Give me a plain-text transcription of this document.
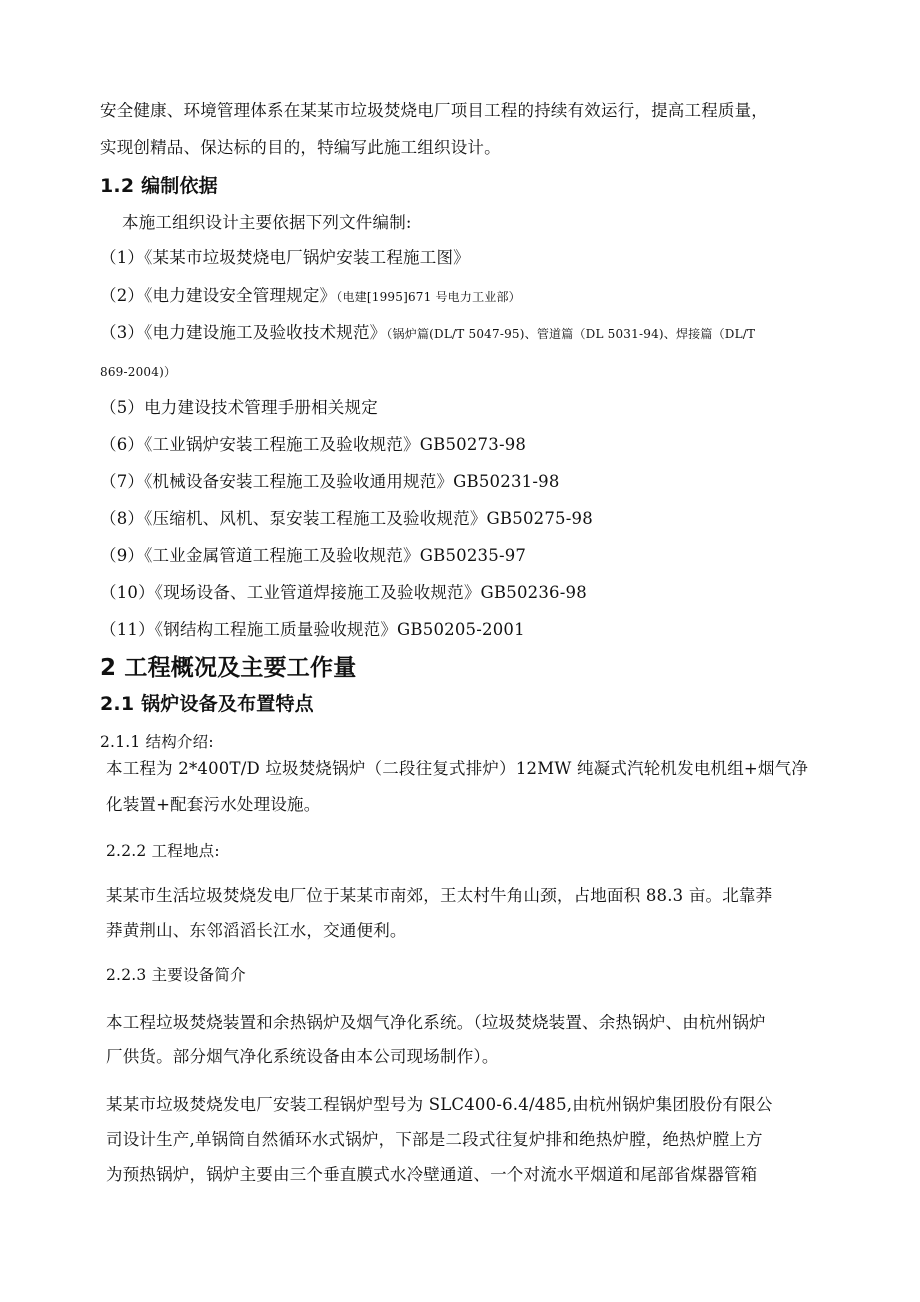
安全健康、环境管理体系在某某市垃圾焚烧电厂项目工程的持续有效运行，提高工程质量，
实现创精品、保达标的目的，特编写此施工组织设计。
1.2 编制依据
本施工组织设计主要依据下列文件编制:
（1）《某某市垃圾焚烧电厂锅炉安装工程施工图》
（2）《电力建设安全管理规定》（电建[1995]671 号电力工业部）
（3）《电力建设施工及验收技术规范》（锅炉篇(DL/T 5047-95)、管道篇（DL 5031-94)、焊接篇（DL/T
869-2004)）
（5）电力建设技术管理手册相关规定
（6）《工业锅炉安装工程施工及验收规范》GB50273-98
（7）《机械设备安装工程施工及验收通用规范》GB50231-98
（8）《压缩机、风机、泵安装工程施工及验收规范》GB50275-98
（9）《工业金属管道工程施工及验收规范》GB50235-97
（10）《现场设备、工业管道焊接施工及验收规范》GB50236-98
（11）《钢结构工程施工质量验收规范》GB50205-2001
2 工程概况及主要工作量
2.1 锅炉设备及布置特点
2.1.1 结构介绍:
本工程为 2*400T/D 垃圾焚烧锅炉（二段往复式排炉）12MW 纯凝式汽轮机发电机组+烟气净
化装置+配套污水处理设施。
2.2.2 工程地点:
某某市生活垃圾焚烧发电厂位于某某市南郊，王太村牛角山颈，占地面积 88.3 亩。北靠莽
莽黄荆山、东邻滔滔长江水，交通便利。
2.2.3 主要设备简介
本工程垃圾焚烧装置和余热锅炉及烟气净化系统。（垃圾焚烧装置、余热锅炉、由杭州锅炉
厂供货。部分烟气净化系统设备由本公司现场制作）。
某某市垃圾焚烧发电厂安装工程锅炉型号为 SLC400-6.4/485,由杭州锅炉集团股份有限公
司设计生产,单锅筒自然循环水式锅炉，下部是二段式往复炉排和绝热炉膛，绝热炉膛上方
为预热锅炉，锅炉主要由三个垂直膜式水冷壁通道、一个对流水平烟道和尾部省煤器管箱
